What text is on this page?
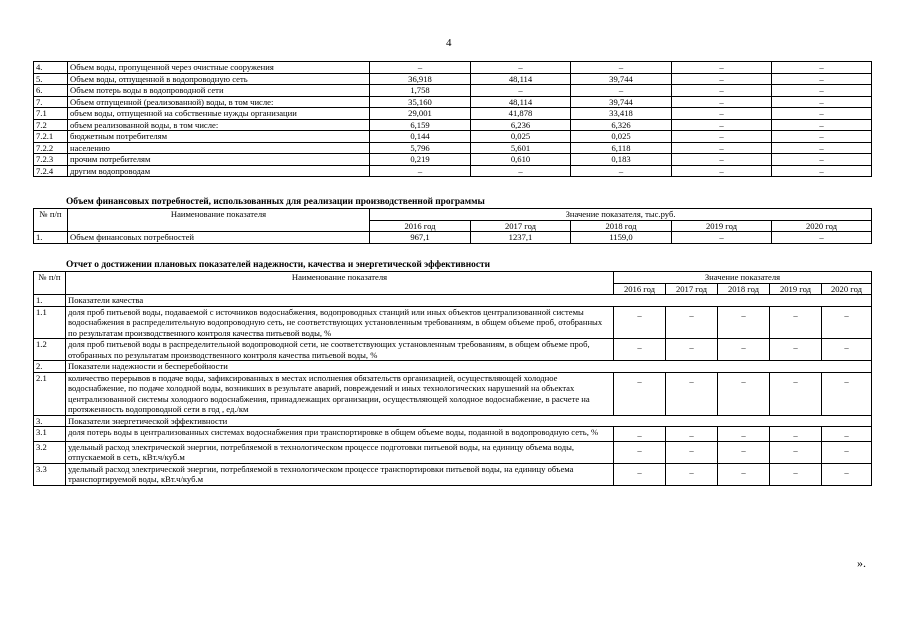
4
4.	Объем воды, пропущенной через очистные сооружения	–	–	–	–	–
5.	Объем воды, отпущенной в водопроводную сеть	36,918	48,114	39,744	–	–
6.	Объем потерь воды в водопроводной сети	1,758	–	–	–	–
7.	Объем отпущенной (реализованной) воды, в том числе:	35,160	48,114	39,744	–	–
7.1	объем воды, отпущенной на собственные нужды организации	29,001	41,878	33,418	–	–
7.2	объем реализованной воды, в том числе:	6,159	6,236	6,326	–	–
7.2.1	бюджетным потребителям	0,144	0,025	0,025	–	–
7.2.2	населению	5,796	5,601	6,118	–	–
7.2.3	прочим потребителям	0,219	0,610	0,183	–	–
7.2.4	другим водопроводам	–	–	–	–	–
Объем финансовых потребностей, использованных для реализации производственной программы
№ п/п	Наименование показателя	Значение показателя, тыс.руб.				
		2016 год	2017 год	2018 год	2019 год	2020 год
1.	Объем финансовых потребностей	967,1	1237,1	1159,0	–	–
Отчет о достижении плановых показателей надежности, качества и энергетической эффективности
№ п/п	Наименование показателя	Значение показателя				
		2016 год	2017 год	2018 год	2019 год	2020 год
1.	Показатели качества					
1.1	доля проб питьевой воды, подаваемой с источников водоснабжения, водопроводных станций или иных объектов централизованной системы водоснабжения в распределительную водопроводную сеть, не соответствующих установленным требованиям, в общем объеме проб, отобранных по результатам производственного контроля качества питьевой воды, %	–	–	–	–	–
1.2	доля проб питьевой воды в распределительной водопроводной сети, не соответствующих установленным требованиям, в общем объеме проб, отобранных по результатам производственного контроля качества питьевой воды, %	–	–	–	–	–
2.	Показатели надежности и бесперебойности					
2.1	количество перерывов в подаче воды, зафиксированных в местах исполнения обязательств организацией, осуществляющей холодное водоснабжение, по подаче холодной воды, возникших в результате аварий, повреждений и иных технологических нарушений на объектах централизованной системы холодного водоснабжения, принадлежащих организации, осуществляющей холодное водоснабжение, в расчете на протяженность водопроводной сети в год , ед./км	–	–	–	–	–
3.	Показатели энергетической эффективности					
3.1	доля потерь воды в централизованных системах водоснабжения при транспортировке в общем объеме воды, поданной в водопроводную сеть, %	–	–	–	–	–
3.2	удельный расход электрической энергии, потребляемой в технологическом процессе подготовки питьевой воды, на единицу объема воды, отпускаемой в сеть, кВт.ч/куб.м	–	–	–	–	–
3.3	удельный расход электрической энергии, потребляемой в технологическом процессе транспортировки питьевой воды, на единицу объема транспортируемой воды, кВт.ч/куб.м	–	–	–	–	–
».
